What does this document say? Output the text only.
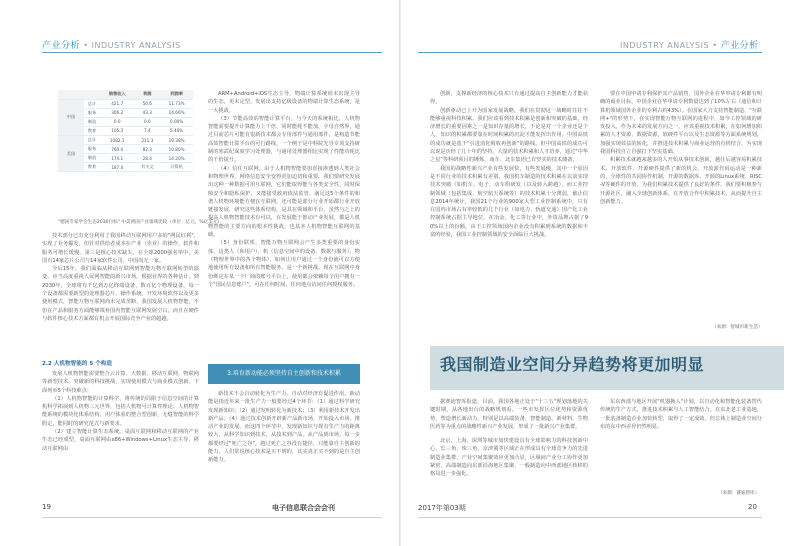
产业分析 • INDUSTRY ANALYSIS	INDUSTRY ANALYSIS • 产业分析
		销售收入	利润	利润率
中国	总计	421.7	50.6	11.73%
	服务	306.2	43.3	14.66%
	制造	0.0	0.0	0.00%
	教育	105.3	7.4	5.40%
美国	总计	1082.1	211.3	19.38%
	服务	760.0	82.3	10.80%
	制造	174.1	28.4	14.20%
	教育	187.4	有关文	计算机
"德国专家学会生态2030目标" 中美两国产业领域比较（单位：亿元，%亿美元）
技术部分已有充分利用了我国移动互联网用户多的"网民红利"，实现了业务爆发。但针对供给者成本在产业（企业）的操作，软件和服务可增长缓慢。第三是核心技术缺失，在全球2000强名单中，美国有14家芯片公司与14家软件公司，中国尚无一家。
今后15年，我们面临从移动互联网到智能万物互联网转型的演变。应当高度重视人民网智能的新兴市场，根据业界的各种估计，到2030年，全球将有千亿到万亿终端设备，数百亿个物理设备。每一个设备都需要新型的处理器芯片、操作系统、开发环境软件以及更多使用模式，智能万物互联网尚未完成垄断，我国发展人机物智能，不但在产品和服务方面能够填补国内智能互联网发展空白，而且在硬件与软件核心技术方面都有机会开展国际竞争产业的超越。
2.2 人机物智能的 5 个构造
发展人机物智能需要整合云计算、大数据、移动互联网、物联网等新型技术，突破新的科技挑战，实现使用模式与商业模式创新。下面列举5个科技难点：
（1）人机物智能的计算科学，将传统的局限于信息空间的计算机科学拓展到人机物三元世界，包括人机物可计算性理论、人机物智能系统的模块化体系结构、用户体验的整合型创新，无缝智能的科学假定，能同时的研究范式与新要求。
（2）建立智能计算生态系统。桌面互联网和移动互联网的产业生态已经成型，桌面互联网由x86+Windows+Linux生态主导，移动互联网由
ARM+Android+iOS生态主导。物端计算系统尚未出现主导的生态，更未定型。发展出支持亿级设备的物端计算生态系统，是一大挑战。
（3）节能高效的智能计算平台。与今天的系统相比，人机物智能需要提升计算能力上千倍，同时能耗不能加，字母自然界，通过目前芯片可能有很新技术都会专用部件与通用部件。是构造节能高效智能计算平台的可行路线，一个例子是中科院先导专项支持研制的寒武纪深度学习处理器，与通用处理器相比实现了性能功耗比的千倍提升。
（4）信任互联网。由于人机物智能要加直接渗透到人类社会和物理世界，网络信息安全变得更加迫切和重要。我们要研究发展出这种一种数据可用互联网，它们能取得能与各类安全性，同时保障安全和隐私保护，又能接受政府依法监管。满足这5个条件的和谐人机物环境能方便在互联网，还可能是部分行业开始都行业开放链接发展，研究这些体系结构，是其在领域和平台，虽然与之上的提高人机物智能技术有可以，在发展能于推动产业发展，都是人机物智能的主要方向的根本性挑战，也基本人机物智能互联网的基础。
（5）身份联邦。智能万物互联网会产生多类重要的身份实体，这类人（和用户），机（信息空间中的设备、数据与服务），物（物理世界中的各个物体），如何让用户通过一个身份就可以方便地使用所有设备和所有智能服务，是一个新挑战。现在互联网中身份绑定在某一个厂商的账号平台上，使用都会依赖每个用户拥有一个"国民信息账户"，可在任何时间、任何地点访问任何授权服务。
3.培育新动能必须坚持自主创新和技术积累
新技术不会自动转化为生产力，自动对经济有促进作用。新动能是指近年来一批生产力一般要经过4个环节：（1）通过科学研究发现新知识；（2）通过发明转化为新技术；（3）利用新技术开发出新产品；（4）通过技术创新开辟新产品新市场，开始投入市场，推动产业的发展。而这四个环节中，发现新知识与现有生产力的距离较大，从科学知识到技术，从技术到产品，从产品到市场，每一步都要经过"死亡之谷"。越过死亡之谷没有捷径，只能靠自主创新的能力。人们常说核心技术是买不到的，其实真正买不到的是自主创新能力。
19	电子信息联合会会刊
创新，支撑新经济的核心技术只有通过提高自主创新能力才能获得。
创新驱动已上升为国家发展战略，我们在贯彻这一战略时往往不能够重视科技积累。我们应该看到技术积累是创新和突破的基础，经济增长的重要因素之一是知识存量的增长，不论是对一个企业还是个人，知识的积累都要靠在时间积累的沉淀才能发挥出作用。中国高铁的成功就是基于"引进消化吸收再创新"的路线。但中国高铁的成功可以说是历经了几十年的坚持，大量的技术积累和人才培养，通过"中华之星"等科研项目的锤炼，南车、北车集团已有坚实的技术储备。
我国的战略性新兴产业有些发展快，有些发展慢，其中一个原因是不同行业的技术积累有差别。我国机车制造的技术积累在以前实现技术突破（如机车、电子、动车组研发（以及转入跨越），而工业控制领域（包括集成、航空航天系统等）的技术积累十分薄弱，截止信息2014年统计，我国21个行业的900家大型工业控制系统中，只有在国内市场占有率较低的几个行业（如电力、轨道交通）国产化工业控制系统占据主导地位，在冶金、化工等行业中，外资品牌占据了90%以上的份额。由于工控领域国内企业没有积累到系统的数据和丰富的经验，我国工业控制领域的安全面临巨大挑战。
要在中国申请专利保护其产品销售。国外企业在华申请专利都有明确的商业目标，中国企业在华申请专利数量达到了10%左右（通信和计算机领域国外企业的专利占约43%）。在国家大力支持智能制造、"互联网+"的形势下，在实现智能万物互联网的进程中，如今工控领域的研发投入，作为未来的发展方向之一，应该重视技术积累，在如何增加积累的人才资源、数据资源，软硬件平台以及生态资源等方面系统规划，加强实现效益的转化，并推进技术积累与商业运营的有机结合，为实现我国科技自立自强打下坚实基础。
积累技术就越来越多的人开始从事技术创新，越往后越容易积累技术。开放软件、开源硬件提供了新的机会。开放源代码运动是一种新的、全球性的共同协作机制，开源的数据库、开源的Linux系统、RISC-V等硬件的开放，为我们积累技术提供了良好的条件。我们要积极参与开源社区，融入全球创新体系，在开放合作中积累技术，从而提升自主创新能力。
（来源：智城市新生活）
我国制造业空间分异趋势将更加明显
据赛迪智库报道，目前，我国各地正处于"十三五"规划落地的关键时期，从各地出台的战略规划看，一些市发挥区位优势和资源优势，塑造增长新动力，特别是以高端装备、智能制造、新材料、生物医药等为重点的战略性新兴产业发展，形成了一批新兴产业集群。
北京、上海、深圳等城市加快建设具有全球影响力的科技创新中心，长三角、珠三角、京津冀等区域正在形成具有全球竞争力的先进制造业集群，产业空间集聚效应更加凸显，区域间产业分工协作更加紧密，高端制造向东部沿海地区集聚、一般制造向中西部地区转移的格局进一步强化。
东东西部与地区开展"机器换人"计划，以自动化和智能化装备替代传统的生产方式，推进技术积累与人工智能结合。在东北老工业基地，一批装备制造企业加快转型，取得了一定成效，但总体上制造业空间分布的东中西差异仍然明显。
（来源：赛迪智库）
2017年第03期	20
